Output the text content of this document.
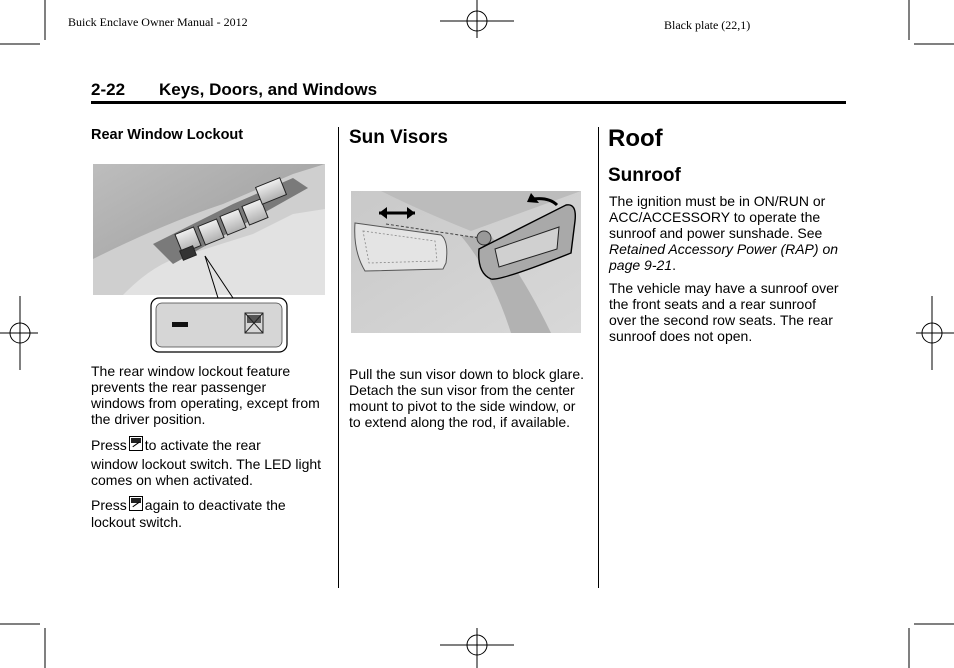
Buick Enclave Owner Manual - 2012	Black plate (22,1)
2-22 Keys, Doors, and Windows
Rear Window Lockout
The rear window lockout feature prevents the rear passenger windows from operating, except from the driver position.

Press to activate the rear

window lockout switch. The LED light comes on when activated.

Press again to deactivate the

lockout switch.

Sun Visors
Pull the sun visor down to block glare. Detach the sun visor from the center mount to pivot to the side window, or to extend along the rod, if available.
Roof
Sunroof
The ignition must be in ON/RUN or ACC/ACCESSORY to operate the sunroof and power sunshade. See Retained Accessory Power (RAP) on page 9-21.
The vehicle may have a sunroof over the front seats and a rear sunroof over the second row seats. The rear sunroof does not open.
